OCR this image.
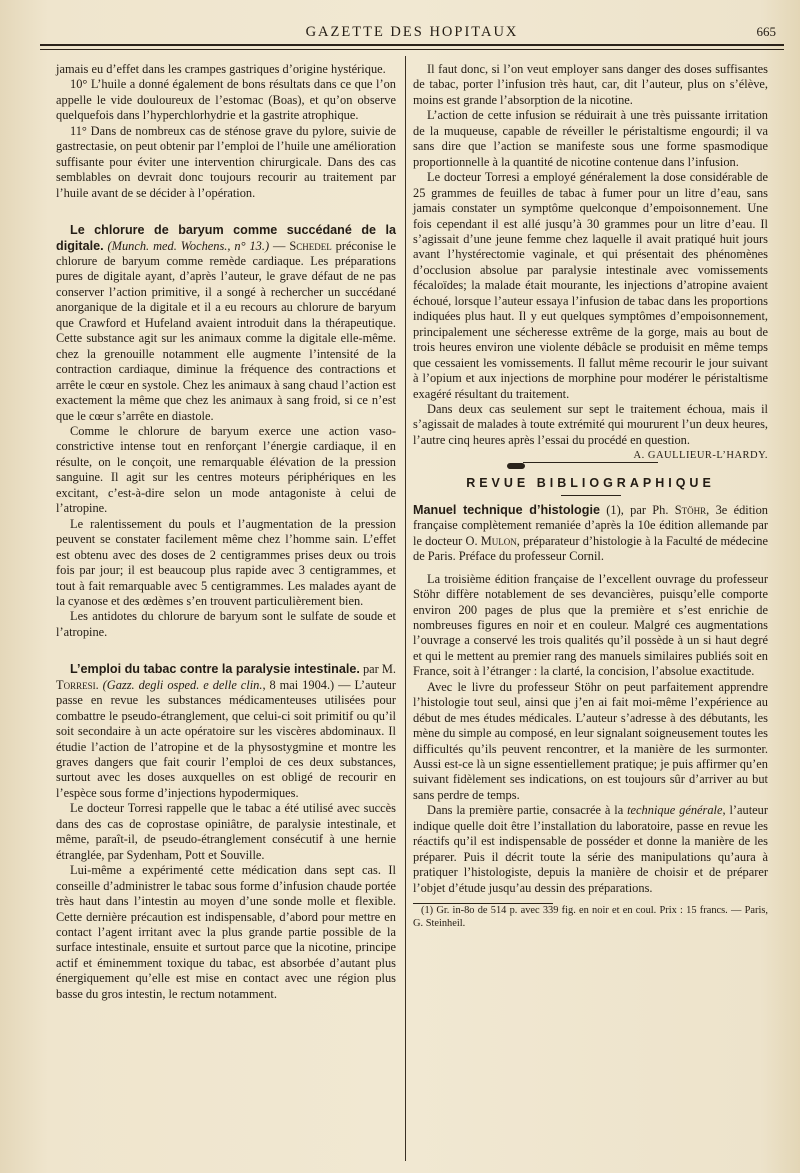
GAZETTE DES HOPITAUX	665

jamais eu d’effet dans les crampes gastriques d’origine hystérique.

10° L’huile a donné également de bons résultats dans ce que l’on appelle le vide douloureux de l’estomac (Boas), et qu’on observe quelquefois dans l’hyperchlorhydrie et la gastrite atrophique.

11° Dans de nombreux cas de sténose grave du pylore, suivie de gastrectasie, on peut obtenir par l’emploi de l’huile une amélioration suffisante pour éviter une intervention chirurgicale. Dans des cas semblables on devrait donc toujours recourir au traitement par l’huile avant de se décider à l’opération.

Le chlorure de baryum comme succédané de la digitale. (Munch. med. Wochens., n° 13.) — Schedel préconise le chlorure de baryum comme remède cardiaque. Les préparations pures de digitale ayant, d’après l’auteur, le grave défaut de ne pas conserver l’action primitive, il a songé à rechercher un succédané anorganique de la digitale et il a eu recours au chlorure de baryum que Crawford et Hufeland avaient introduit dans la thérapeutique. Cette substance agit sur les animaux comme la digitale elle-même. chez la grenouille notamment elle augmente l’intensité de la contraction cardiaque, diminue la fréquence des contractions et arrête le cœur en systole. Chez les animaux à sang chaud l’action est exactement la même que chez les animaux à sang froid, si ce n’est que le cœur s’arrête en diastole.

Comme le chlorure de baryum exerce une action vaso-constrictive intense tout en renforçant l’énergie cardiaque, il en résulte, on le conçoit, une remarquable élévation de la pression sanguine. Il agit sur les centres moteurs périphériques en les excitant, c’est-à-dire selon un mode antagoniste à celui de l’atropine.

Le ralentissement du pouls et l’augmentation de la pression peuvent se constater facilement même chez l’homme sain. L’effet est obtenu avec des doses de 2 centigrammes prises deux ou trois fois par jour; il est beaucoup plus rapide avec 3 centigrammes, et tout à fait remarquable avec 5 centigrammes. Les malades ayant de la cyanose et des œdèmes s’en trouvent particulièrement bien.

Les antidotes du chlorure de baryum sont le sulfate de soude et l’atropine.

L’emploi du tabac contre la paralysie intestinale. par M. Torresi. (Gazz. degli osped. e delle clin., 8 mai 1904.) — L’auteur passe en revue les substances médicamenteuses utilisées pour combattre le pseudo-étranglement, que celui-ci soit primitif ou qu’il soit secondaire à un acte opératoire sur les viscères abdominaux. Il étudie l’action de l’atropine et de la physostygmine et montre les graves dangers que fait courir l’emploi de ces deux substances, surtout avec les doses auxquelles on est obligé de recourir en l’espèce sous forme d’injections hypodermiques.

Le docteur Torresi rappelle que le tabac a été utilisé avec succès dans des cas de coprostase opiniâtre, de paralysie intestinale, et même, paraît-il, de pseudo-étranglement consécutif à une hernie étranglée, par Sydenham, Pott et Souville.

Lui-même a expérimenté cette médication dans sept cas. Il conseille d’administrer le tabac sous forme d’infusion chaude portée très haut dans l’intestin au moyen d’une sonde molle et flexible. Cette dernière précaution est indispensable, d’abord pour mettre en contact l’agent irritant avec la plus grande partie possible de la surface intestinale, ensuite et surtout parce que la nicotine, principe actif et éminemment toxique du tabac, est absorbée d’autant plus énergiquement qu’elle est mise en contact avec une région plus basse du gros intestin, le rectum notamment.

Il faut donc, si l’on veut employer sans danger des doses suffisantes de tabac, porter l’infusion très haut, car, dit l’auteur, plus on s’élève, moins est grande l’absorption de la nicotine.

L’action de cette infusion se réduirait à une très puissante irritation de la muqueuse, capable de réveiller le péristaltisme engourdi; il va sans dire que l’action se manifeste sous une forme spasmodique proportionnelle à la quantité de nicotine contenue dans l’infusion.

Le docteur Torresi a employé généralement la dose considérable de 25 grammes de feuilles de tabac à fumer pour un litre d’eau, sans jamais constater un symptôme quelconque d’empoisonnement. Une fois cependant il est allé jusqu’à 30 grammes pour un litre d’eau. Il s’agissait d’une jeune femme chez laquelle il avait pratiqué huit jours avant l’hystérectomie vaginale, et qui présentait des phénomènes d’occlusion absolue par paralysie intestinale avec vomissements fécaloïdes; la malade était mourante, les injections d’atropine avaient échoué, lorsque l’auteur essaya l’infusion de tabac dans les proportions indiquées plus haut. Il y eut quelques symptômes d’empoisonnement, principalement une sécheresse extrême de la gorge, mais au bout de trois heures environ une violente débâcle se produisit en même temps que cessaient les vomissements. Il fallut même recourir le jour suivant à l’opium et aux injections de morphine pour modérer le péristaltisme exagéré résultant du traitement.

Dans deux cas seulement sur sept le traitement échoua, mais il s’agissait de malades à toute extrémité qui moururent l’un deux heures, l’autre cinq heures après l’essai du procédé en question.
A. GAULLIEUR-L’HARDY.

REVUE BIBLIOGRAPHIQUE

Manuel technique d’histologie (1), par Ph. Stöhr, 3e édition française complètement remaniée d’après la 10e édition allemande par le docteur O. Mulon, préparateur d’histologie à la Faculté de médecine de Paris. Préface du professeur Cornil.

La troisième édition française de l’excellent ouvrage du professeur Stöhr diffère notablement de ses devancières, puisqu’elle comporte environ 200 pages de plus que la première et s’est enrichie de nombreuses figures en noir et en couleur. Malgré ces augmentations l’ouvrage a conservé les trois qualités qu’il possède à un si haut degré et qui le mettent au premier rang des manuels similaires publiés soit en France, soit à l’étranger : la clarté, la concision, l’absolue exactitude.

Avec le livre du professeur Stöhr on peut parfaitement apprendre l’histologie tout seul, ainsi que j’en ai fait moi-même l’expérience au début de mes études médicales. L’auteur s’adresse à des débutants, les mène du simple au composé, en leur signalant soigneusement toutes les difficultés qu’ils peuvent rencontrer, et la manière de les surmonter. Aussi est-ce là un signe essentiellement pratique; je puis affirmer qu’en suivant fidèlement ses indications, on est toujours sûr d’arriver au but sans perdre de temps.

Dans la première partie, consacrée à la technique générale, l’auteur indique quelle doit être l’installation du laboratoire, passe en revue les réactifs qu’il est indispensable de posséder et donne la manière de les préparer. Puis il décrit toute la série des manipulations qu’aura à pratiquer l’histologiste, depuis la manière de choisir et de préparer l’objet d’étude jusqu’au dessin des préparations.

(1) Gr. in-8o de 514 p. avec 339 fig. en noir et en coul. Prix : 15 francs. — Paris, G. Steinheil.
